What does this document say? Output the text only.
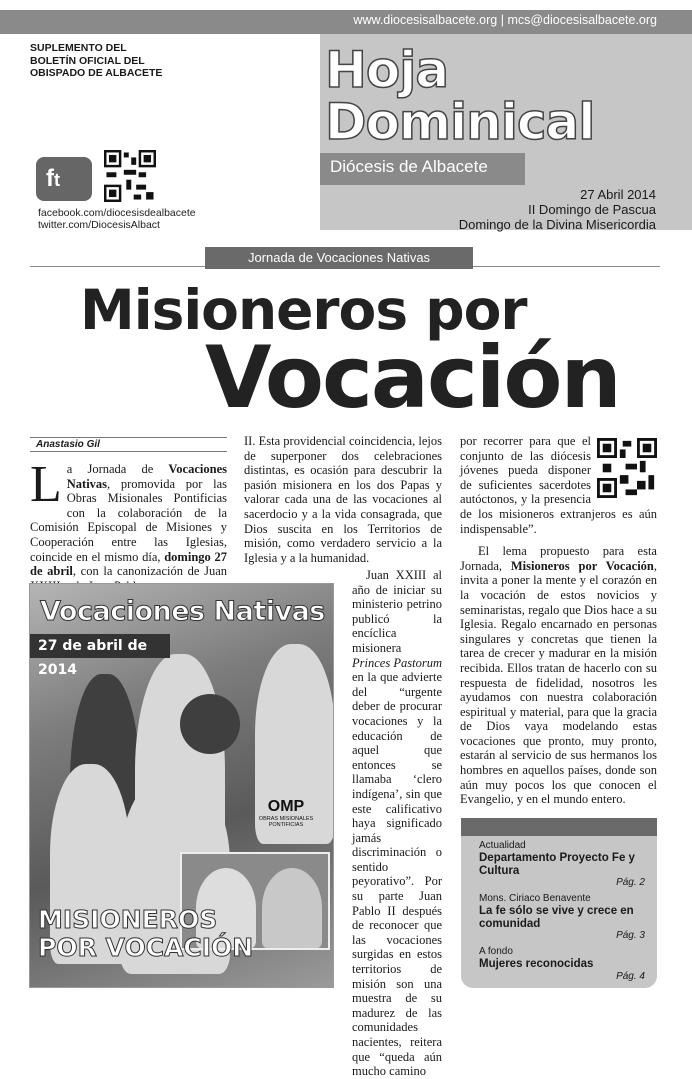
www.diocesisalbacete.org | mcs@diocesisalbacete.org
SUPLEMENTO DEL
BOLETÍN OFICIAL DEL
OBISPADO DE ALBACETE	Hoja
Dominical
Diócesis de Albacete
27 Abril 2014
II Domingo de Pascua
Domingo de la Divina Misericordia
ft
facebook.com/diocesisdealbacete
twitter.com/DiocesisAlbact
Jornada de Vocaciones Nativas
Misioneros por
Vocación
Anastasio Gil
La Jornada de Vocaciones Nativas, promovida por las Obras Misionales Pontificias con la colaboración de la Comisión Episcopal de Misiones y Cooperación entre las Iglesias, coincide en el mismo día, domingo 27 de abril, con la canonización de Juan
II. Esta providencial coincidencia, lejos de superponer dos celebraciones distintas, es ocasión para descubrir la pasión misionera en los dos Papas y valorar cada una de las vocaciones al sacerdocio y a la vida consagrada, que Dios suscita en los Territorios de misión, como verdadero servicio a la Iglesia y a la humanidad.
Juan XXIII al año de iniciar su ministerio petrino publicó la encíclica misionera Princes Pastorum en la que advierte del “urgente deber de procurar vocaciones y la educación de aquel que entonces se llamaba ‘clero indígena’, sin que este calificativo haya significado jamás discriminación o sentido peyorativo”. Por su parte Juan Pablo II después de reconocer que las vocaciones surgidas en estos territorios de misión son una muestra de su madurez de las comunidades nacientes, reitera que “queda aún mucho camino

por recorrer para que el conjunto de las diócesis jóvenes pueda disponer de suficientes sacerdotes autóctonos, y la presencia de los misioneros extranjeros es aún indispensable”.

El lema propuesto para esta Jornada, Misioneros por Vocación, invita a poner la mente y el corazón en la vocación de estos novicios y seminaristas, regalo que Dios hace a su Iglesia. Regalo encarnado en personas singulares y concretas que tienen la tarea de crecer y madurar en la misión recibida. Ellos tratan de hacerlo con su respuesta de fidelidad, nosotros les ayudamos con nuestra colaboración espiritual y material, para que la gracia de Dios vaya modelando estas vocaciones que pronto, muy pronto, estarán al servicio de sus hermanos los hombres en aquellos países, donde son aún muy pocos los que conocen el Evangelio, y en el mundo entero.

Vocaciones Nativas
27 de abril de 2014
OMP
OBRAS MISIONALES PONTIFICIAS
MISIONEROS
POR VOCACIÓN
Actualidad
Departamento Proyecto Fe y Cultura
Pág. 2
Mons. Ciriaco Benavente
La fe sólo se vive y crece en comunidad
Pág. 3
A fondo
Mujeres reconocidas
Pág. 4
